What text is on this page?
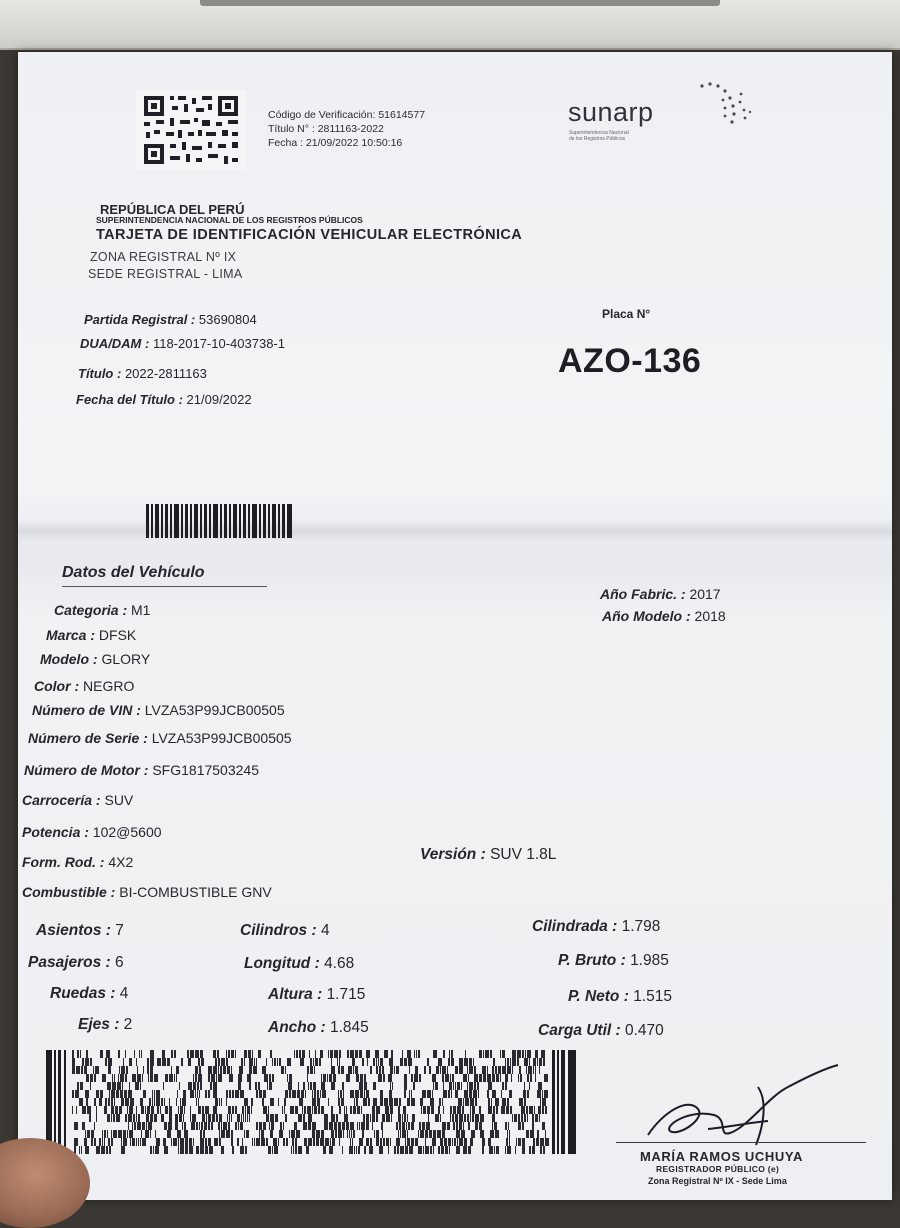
Código de Verificación: 51614577
Título N° : 2811163-2022
Fecha : 21/09/2022 10:50:16
sunarp
Superintendencia Nacional
de los Registros Públicos
REPÚBLICA DEL PERÚ
SUPERINTENDENCIA NACIONAL DE LOS REGISTROS PÚBLICOS
TARJETA DE IDENTIFICACIÓN VEHICULAR ELECTRÓNICA
ZONA REGISTRAL Nº IX
SEDE REGISTRAL - LIMA
Partida Registral : 53690804
DUA/DAM : 118-2017-10-403738-1
Título : 2022-2811163
Fecha del Título : 21/09/2022
Placa N°
AZO-136
Datos del Vehículo
Categoria : M1
Marca : DFSK
Modelo : GLORY
Color : NEGRO
Número de VIN : LVZA53P99JCB00505
Número de Serie : LVZA53P99JCB00505
Número de Motor : SFG1817503245
Carrocería : SUV
Potencia : 102@5600
Form. Rod. : 4X2
Combustible : BI-COMBUSTIBLE GNV
Año Fabric. : 2017
Año Modelo : 2018
Versión : SUV 1.8L
Asientos : 7
Pasajeros : 6
Ruedas : 4
Ejes : 2
Cilindros : 4
Longitud : 4.68
Altura : 1.715
Ancho : 1.845
Cilindrada : 1.798
P. Bruto : 1.985
P. Neto : 1.515
Carga Util : 0.470
MARÍA RAMOS UCHUYA
REGISTRADOR PÚBLICO (e)
Zona Registral Nº IX - Sede Lima
